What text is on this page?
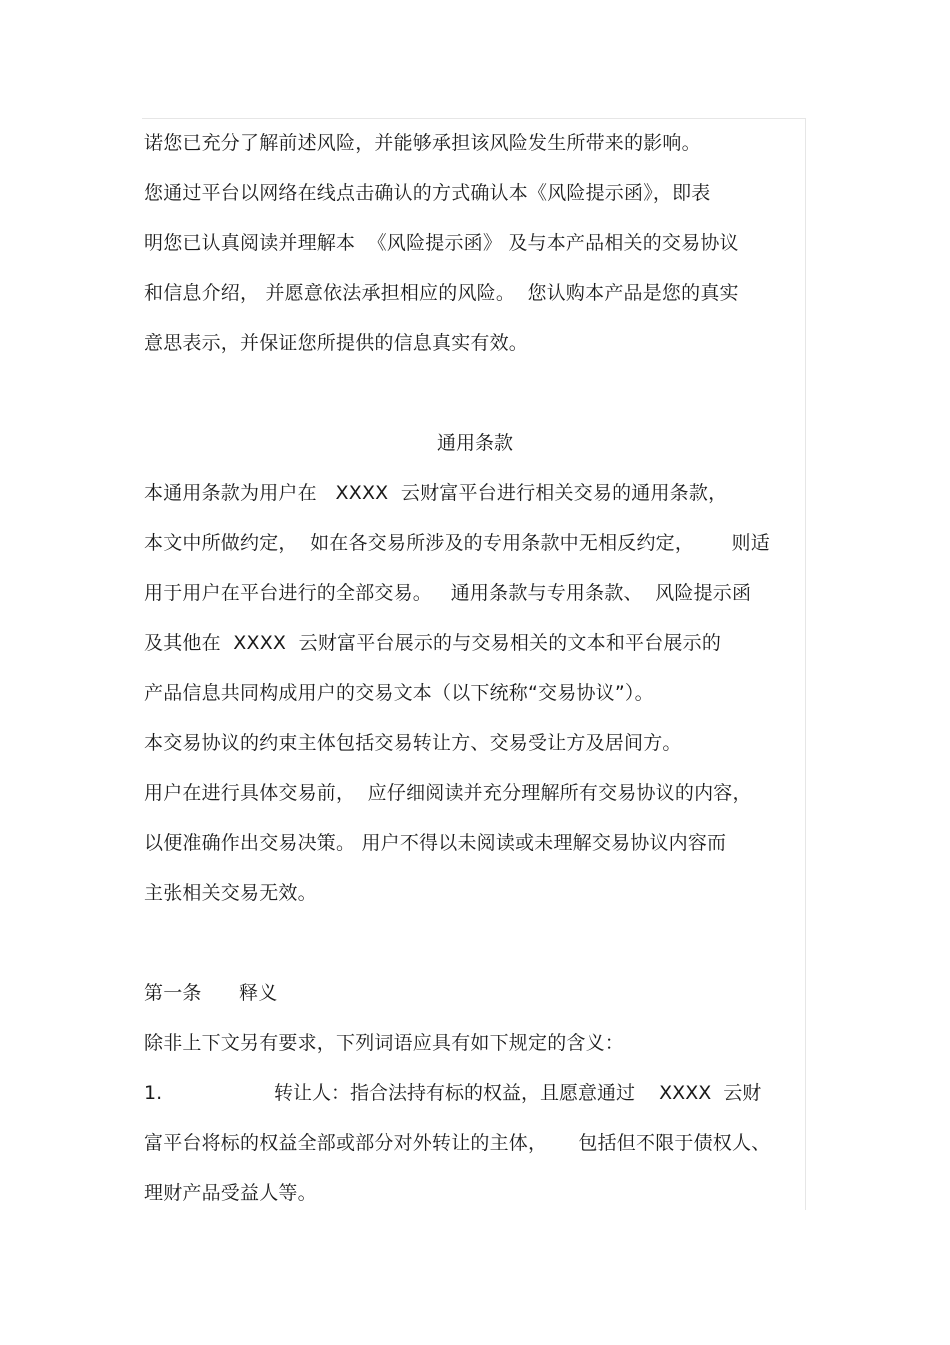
诺您已充分了解前述风险，并能够承担该风险发生所带来的影响。
您通过平台以网络在线点击确认的方式确认本《风险提示函》，即表
明您已认真阅读并理解本  《风险提示函》 及与本产品相关的交易协议
和信息介绍， 并愿意依法承担相应的风险。  您认购本产品是您的真实
意思表示，并保证您所提供的信息真实有效。
通用条款
本通用条款为用户在   XXXX  云财富平台进行相关交易的通用条款，
本文中所做约定，  如在各交易所涉及的专用条款中无相反约定，      则适
用于用户在平台进行的全部交易。   通用条款与专用条款、  风险提示函
及其他在  XXXX  云财富平台展示的与交易相关的文本和平台展示的
产品信息共同构成用户的交易文本（以下统称“交易协议”）。
本交易协议的约束主体包括交易转让方、交易受让方及居间方。
用户在进行具体交易前，  应仔细阅读并充分理解所有交易协议的内容，
以便准确作出交易决策。 用户不得以未阅读或未理解交易协议内容而
主张相关交易无效。
第一条      释义
除非上下文另有要求，下列词语应具有如下规定的含义：
1.	转让人：指合法持有标的权益，且愿意通过    XXXX  云财
富平台将标的权益全部或部分对外转让的主体，     包括但不限于债权人、
理财产品受益人等。
